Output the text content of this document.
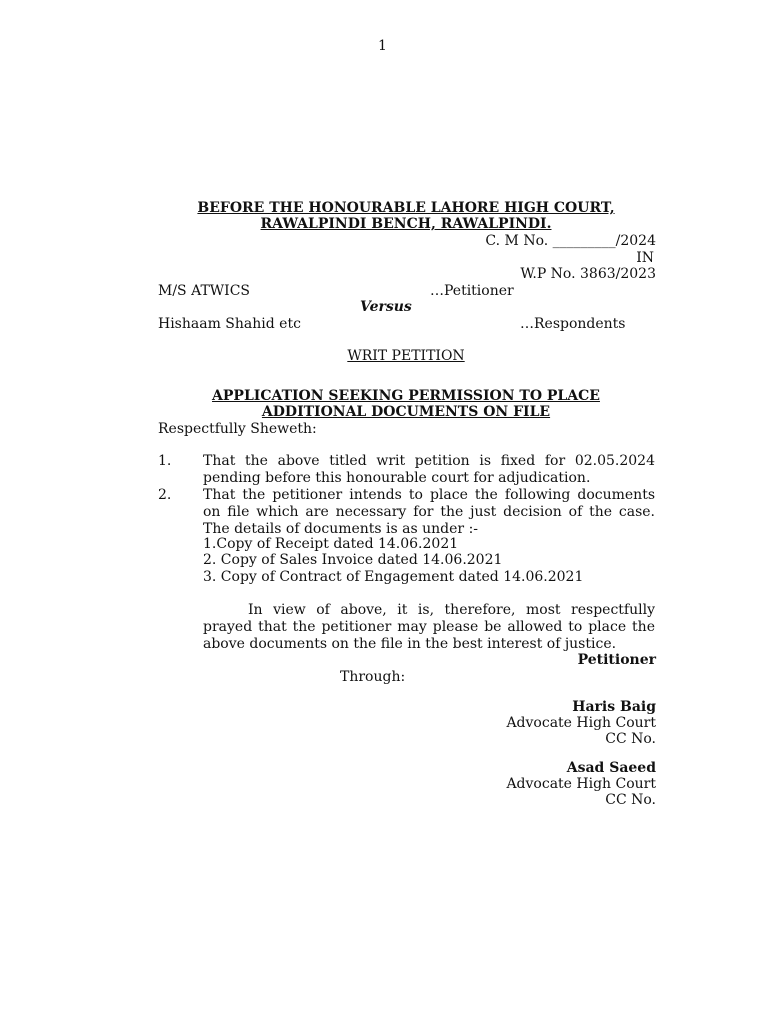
1
BEFORE THE HONOURABLE LAHORE HIGH COURT,
RAWALPINDI BENCH, RAWALPINDI.
C. M No. _________/2024
IN
W.P No. 3863/2023
M/S ATWICS	…Petitioner
Versus
Hishaam Shahid etc	…Respondents
WRIT PETITION
APPLICATION SEEKING PERMISSION TO PLACE
ADDITIONAL DOCUMENTS ON FILE
Respectfully Sheweth:
1. That the above titled writ petition is fixed for 02.05.2024 pending before this honourable court for adjudication.
2. That the petitioner intends to place the following documents on file which are necessary for the just decision of the case. The details of documents is as under :-
1.Copy of Receipt dated 14.06.2021
2. Copy of Sales Invoice dated 14.06.2021
3. Copy of Contract of Engagement dated 14.06.2021
In view of above, it is, therefore, most respectfully prayed that the petitioner may please be allowed to place the above documents on the file in the best interest of justice.
Petitioner
Through:
Haris Baig
Advocate High Court
CC No.
Asad Saeed
Advocate High Court
CC No.
